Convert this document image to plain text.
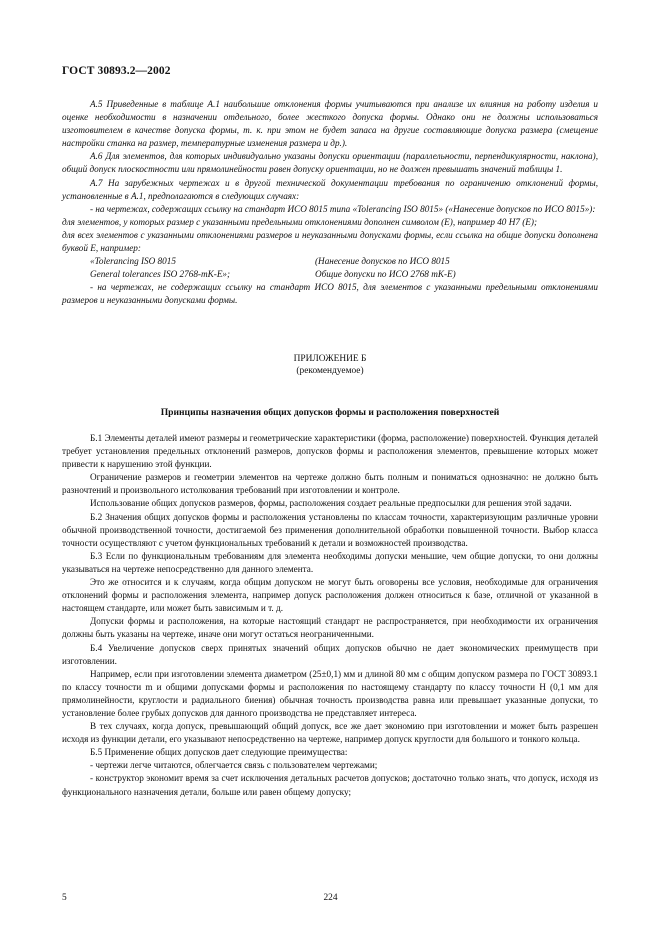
ГОСТ 30893.2—2002

А.5 Приведенные в таблице А.1 наибольшие отклонения формы учитываются при анализе их влияния на работу изделия и оценке необходимости в назначении отдельного, более жесткого допуска формы. Однако они не должны использоваться изготовителем в качестве допуска формы, т. к. при этом не будет запаса на другие составляющие допуска размера (смещение настройки станка на размер, температурные изменения размера и др.).

А.6 Для элементов, для которых индивидуально указаны допуски ориентации (параллельности, перпендикулярности, наклона), общий допуск плоскостности или прямолинейности равен допуску ориентации, но не должен превышать значений таблицы 1.

А.7 На зарубежных чертежах и в другой технической документации требования по ограничению отклонений формы, установленные в А.1, предполагаются в следующих случаях:

- на чертежах, содержащих ссылку на стандарт ИСО 8015 типа «Tolerancing ISO 8015» («Нанесение допусков по ИСО 8015»):

для элементов, у которых размер с указанными предельными отклонениями дополнен символом (E), например 40 H7 (E);

для всех элементов с указанными отклонениями размеров и неуказанными допусками формы, если ссылка на общие допуски дополнена буквой E, например:

«Tolerancing ISO 8015	(Нанесение допусков по ИСО 8015
General tolerances ISO 2768-mK-E»;	Общие допуски по ИСО 2768 mK-E)

- на чертежах, не содержащих ссылку на стандарт ИСО 8015, для элементов с указанными предельными отклонениями размеров и неуказанными допусками формы.

ПРИЛОЖЕНИЕ Б
(рекомендуемое)
Принципы назначения общих допусков формы и расположения поверхностей

Б.1 Элементы деталей имеют размеры и геометрические характеристики (форма, расположение) поверхностей. Функция деталей требует установления предельных отклонений размеров, допусков формы и расположения элементов, превышение которых может привести к нарушению этой функции.

Ограничение размеров и геометрии элементов на чертеже должно быть полным и пониматься однозначно: не должно быть разночтений и произвольного истолкования требований при изготовлении и контроле.

Использование общих допусков размеров, формы, расположения создает реальные предпосылки для решения этой задачи.

Б.2 Значения общих допусков формы и расположения установлены по классам точности, характеризующим различные уровни обычной производственной точности, достигаемой без применения дополнительной обработки повышенной точности. Выбор класса точности осуществляют с учетом функциональных требований к детали и возможностей производства.

Б.3 Если по функциональным требованиям для элемента необходимы допуски меньшие, чем общие допуски, то они должны указываться на чертеже непосредственно для данного элемента.

Это же относится и к случаям, когда общим допуском не могут быть оговорены все условия, необходимые для ограничения отклонений формы и расположения элемента, например допуск расположения должен относиться к базе, отличной от указанной в настоящем стандарте, или может быть зависимым и т. д.

Допуски формы и расположения, на которые настоящий стандарт не распространяется, при необходимости их ограничения должны быть указаны на чертеже, иначе они могут остаться неограниченными.

Б.4 Увеличение допусков сверх принятых значений общих допусков обычно не дает экономических преимуществ при изготовлении.

Например, если при изготовлении элемента диаметром (25±0,1) мм и длиной 80 мм с общим допуском размера по ГОСТ 30893.1 по классу точности m и общими допусками формы и расположения по настоящему стандарту по классу точности H (0,1 мм для прямолинейности, круглости и радиального биения) обычная точность производства равна или превышает указанные допуски, то установление более грубых допусков для данного производства не представляет интереса.

В тех случаях, когда допуск, превышающий общий допуск, все же дает экономию при изготовлении и может быть разрешен исходя из функции детали, его указывают непосредственно на чертеже, например допуск круглости для большого и тонкого кольца.

Б.5 Применение общих допусков дает следующие преимущества:

- чертежи легче читаются, облегчается связь с пользователем чертежами;

- конструктор экономит время за счет исключения детальных расчетов допусков; достаточно только знать, что допуск, исходя из функционального назначения детали, больше или равен общему допуску;

224
5
